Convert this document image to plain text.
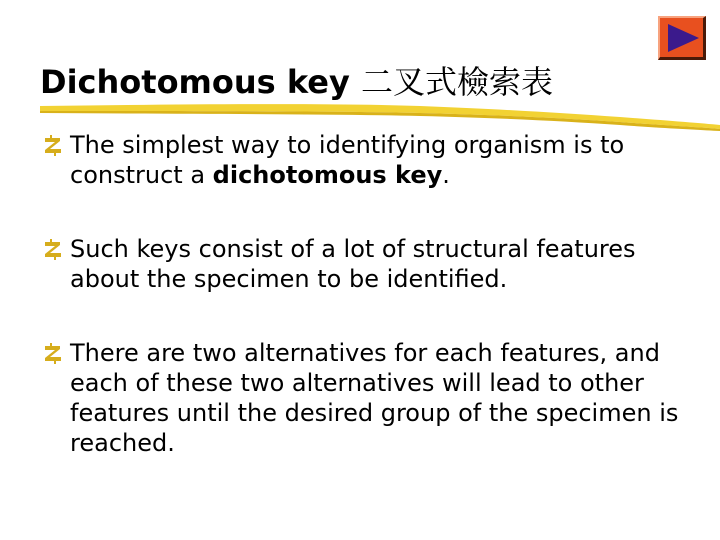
Dichotomous key 二叉式檢索表
The simplest way to identifying organism is to construct a dichotomous key.
Such keys consist of a lot of structural features about the specimen to be identified.
There are two alternatives for each features, and each of these two alternatives will lead to other features until the desired group of the specimen is reached.
